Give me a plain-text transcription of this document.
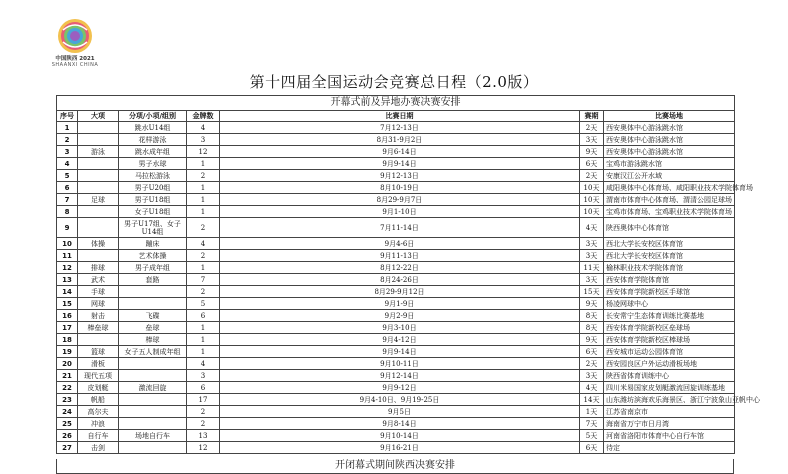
中国陕西 2021
SHAANXI CHINA
第十四届全国运动会竞赛总日程（2.0版）
开幕式前及异地办赛决赛安排						
序号	大项	分项/小项/组别	金牌数	比赛日期	赛期	比赛场地
1		跳水U14组	4	7月12-13日	2天	西安奥体中心游泳跳水馆
2		花样游泳	3	8月31-9月2日	3天	西安奥体中心游泳跳水馆
3	游泳	跳水成年组	12	9月6-14日	9天	西安奥体中心游泳跳水馆
4		男子水球	1	9月9-14日	6天	宝鸡市游泳跳水馆
5		马拉松游泳	2	9月12-13日	2天	安康汉江公开水域
6		男子U20组	1	8月10-19日	10天	咸阳奥体中心体育场、咸阳职业技术学院体育场
7	足球	男子U18组	1	8月29-9月7日	10天	渭南市体育中心体育场、渭清公园足球场
8		女子U18组	1	9月1-10日	10天	宝鸡市体育场、宝鸡职业技术学院体育场
9		男子U17组、女子U14组	2	7月11-14日	4天	陕西奥体中心体育馆
10	体操	蹦床	4	9月4-6日	3天	西北大学长安校区体育馆
11		艺术体操	2	9月11-13日	3天	西北大学长安校区体育馆
12	排球	男子成年组	1	8月12-22日	11天	榆林职业技术学院体育馆
13	武术	套路	7	8月24-26日	3天	西安体育学院体育馆
14	手球		2	8月29-9月12日	15天	西安体育学院新校区手球馆
15	网球		5	9月1-9日	9天	杨凌网球中心
16	射击	飞碟	6	9月2-9日	8天	长安常宁生态体育训练比赛基地
17	棒垒球	垒球	1	9月3-10日	8天	西安体育学院新校区垒球场
18		棒球	1	9月4-12日	9天	西安体育学院新校区棒球场
19	篮球	女子五人制成年组	1	9月9-14日	6天	西安城市运动公园体育馆
20	滑板		4	9月10-11日	2天	西安园良区户外运动滑板场地
21	现代五项		3	9月12-14日	3天	陕西省体育训练中心
22	皮划艇	激流回旋	6	9月9-12日	4天	四川米易国家皮划艇激流回旋训练基地
23	帆船		17	9月4-10日、9月19-25日	14天	山东潍坊滨海欢乐海景区、浙江宁波象山亚帆中心
24	高尔夫		2	9月5日	1天	江苏省南京市
25	冲浪		2	9月8-14日	7天	海南省万宁市日月湾
26	自行车	场地自行车	13	9月10-14日	5天	河南省洛阳市体育中心自行车馆
27	击剑		12	9月16-21日	6天	待定
开闭幕式期间陕西决赛安排
